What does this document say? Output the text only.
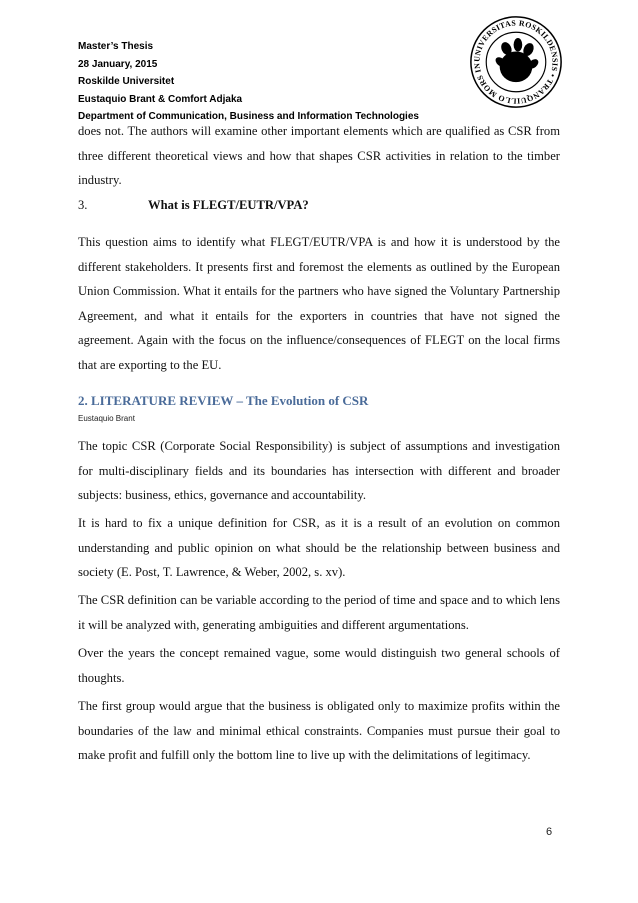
Master’s Thesis
28 January, 2015
Roskilde Universitet
Eustaquio Brant & Comfort Adjaka
Department of Communication, Business and Information Technologies
UNIVERSITAS ROSKILDENSIS • TRANQUILLO MORS IN

does not. The authors will examine other important elements which are qualified as CSR from three different theoretical views and how that shapes CSR activities in relation to the timber industry.

3.	What is FLEGT/EUTR/VPA?

This question aims to identify what FLEGT/EUTR/VPA is and how it is understood by the different stakeholders. It presents first and foremost the elements as outlined by the European Union Commission. What it entails for the partners who have signed the Voluntary Partnership Agreement, and what it entails for the exporters in countries that have not signed the agreement. Again with the focus on the influence/consequences of FLEGT on the local firms that are exporting to the EU.

2. LITERATURE REVIEW – The Evolution of CSR
Eustaquio Brant

The topic CSR (Corporate Social Responsibility) is subject of assumptions and investigation for multi-disciplinary fields and its boundaries has intersection with different and broader subjects: business, ethics, governance and accountability.

It is hard to fix a unique definition for CSR, as it is a result of an evolution on common understanding and public opinion on what should be the relationship between business and society (E. Post, T. Lawrence, & Weber, 2002, s. xv).

The CSR definition can be variable according to the period of time and space and to which lens it will be analyzed with, generating ambiguities and different argumentations.

Over the years the concept remained vague, some would distinguish two general schools of thoughts.

The first group would argue that the business is obligated only to maximize profits within the boundaries of the law and minimal ethical constraints. Companies must pursue their goal to make profit and fulfill only the bottom line to live up with the delimitations of legitimacy.

6
